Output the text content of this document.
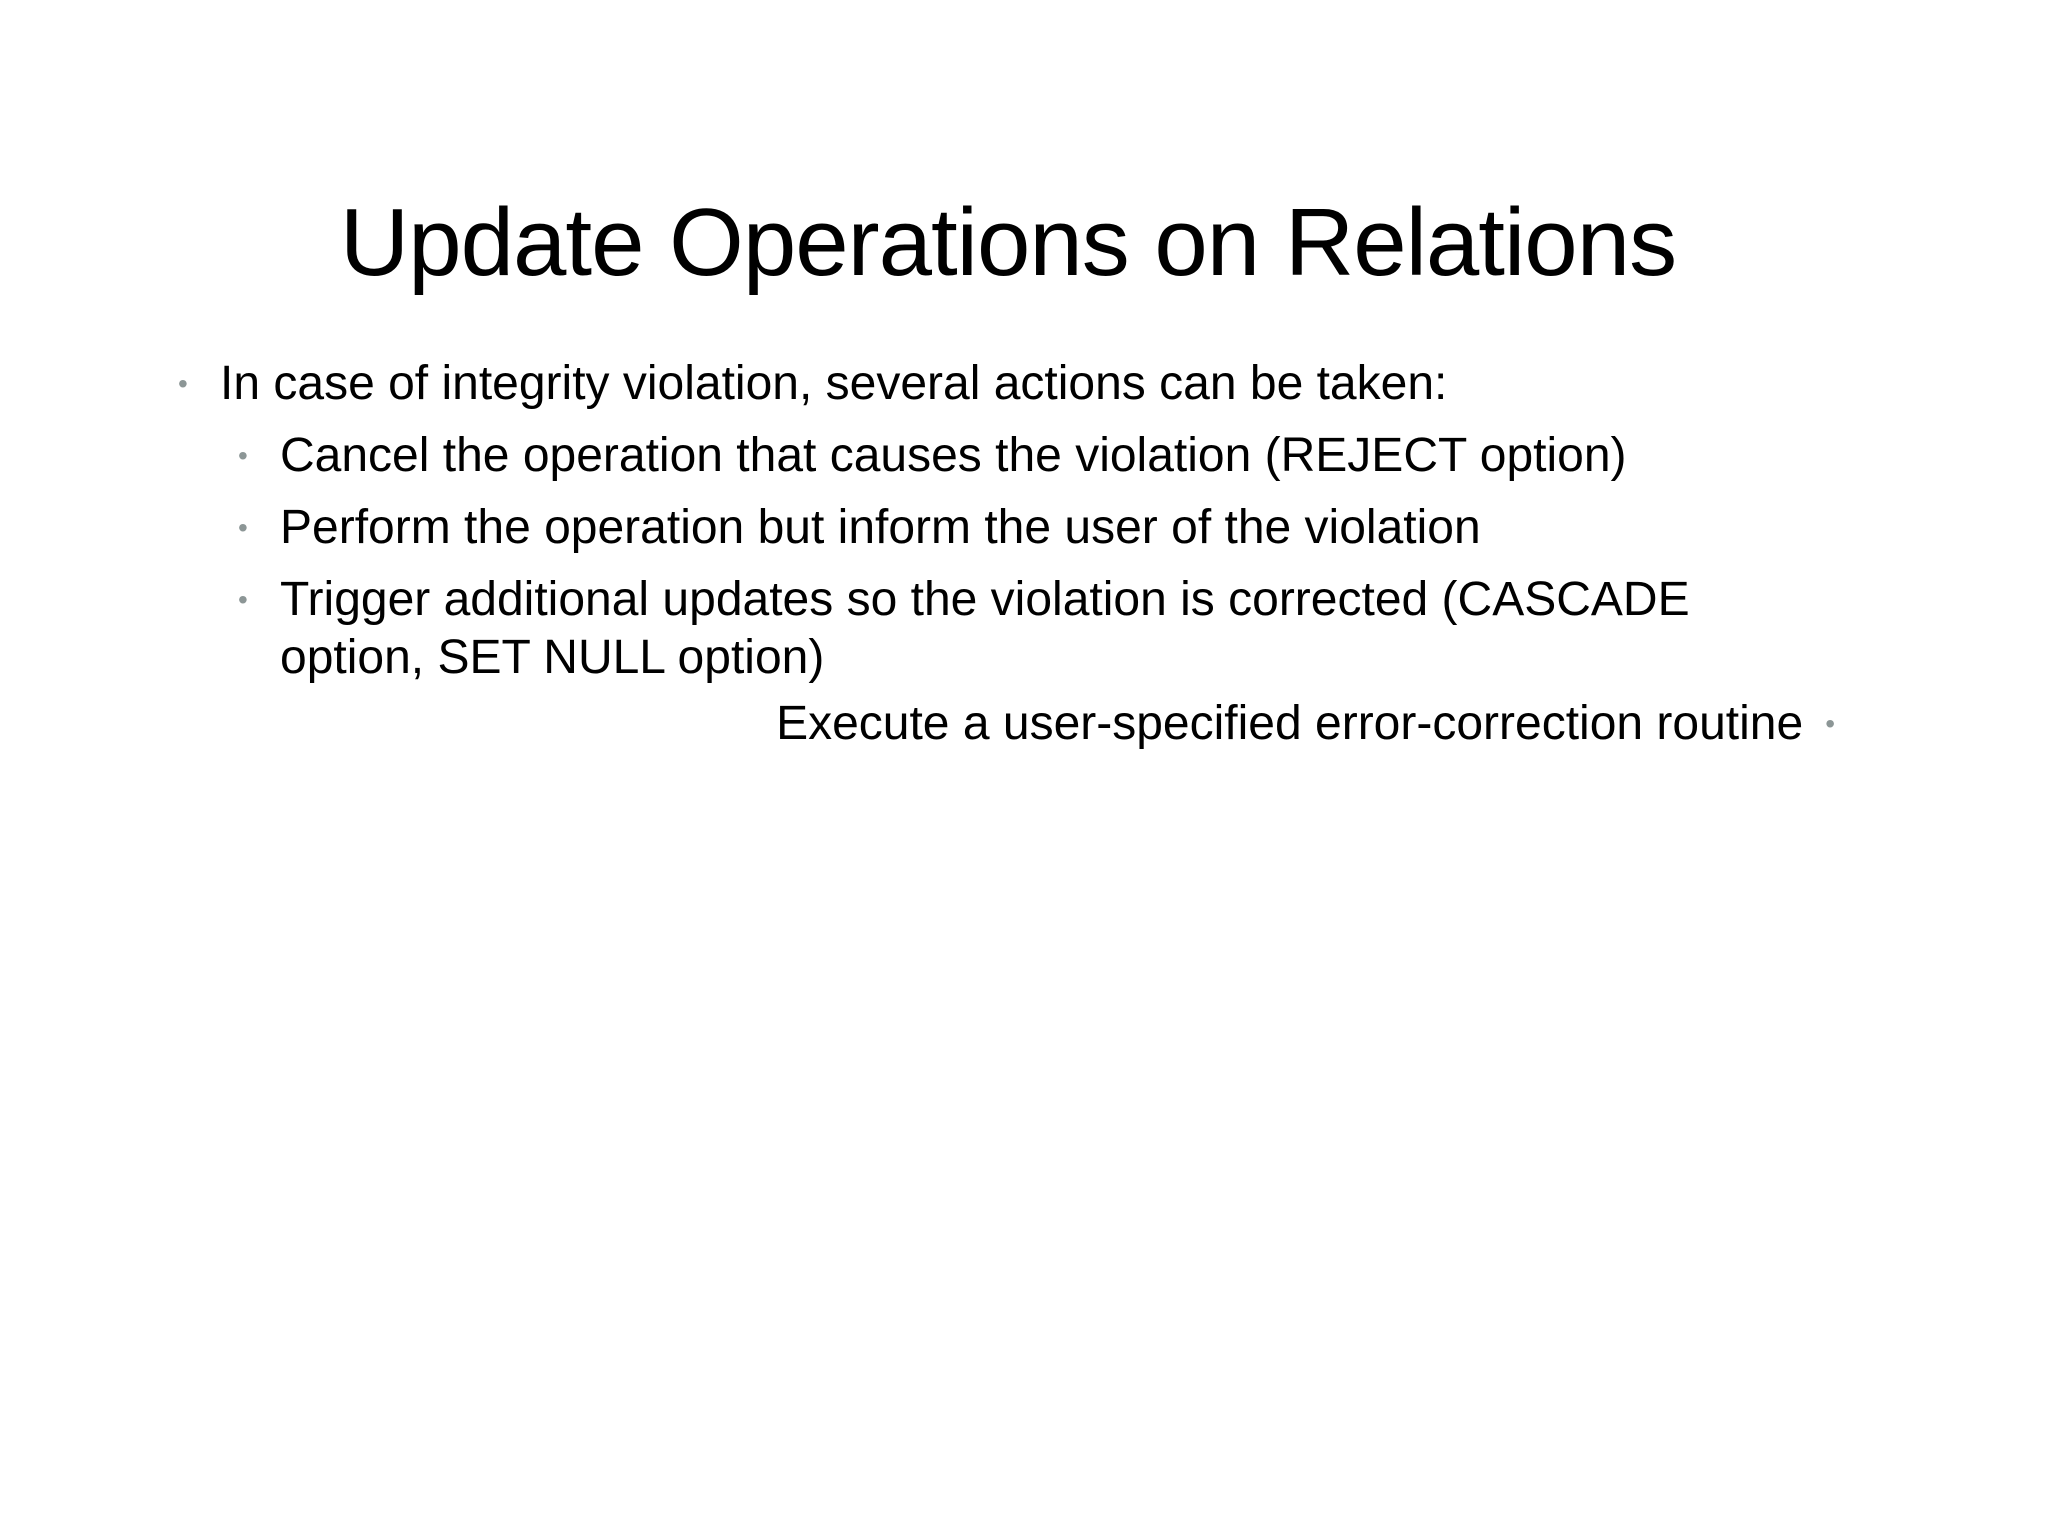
Update Operations on Relations
• In case of integrity violation, several actions can be taken:
• Cancel the operation that causes the violation (REJECT option)
• Perform the operation but inform the user of the violation
• Trigger additional updates so the violation is corrected (CASCADE option, SET NULL option)
Execute a user-specified error-correction routine •
